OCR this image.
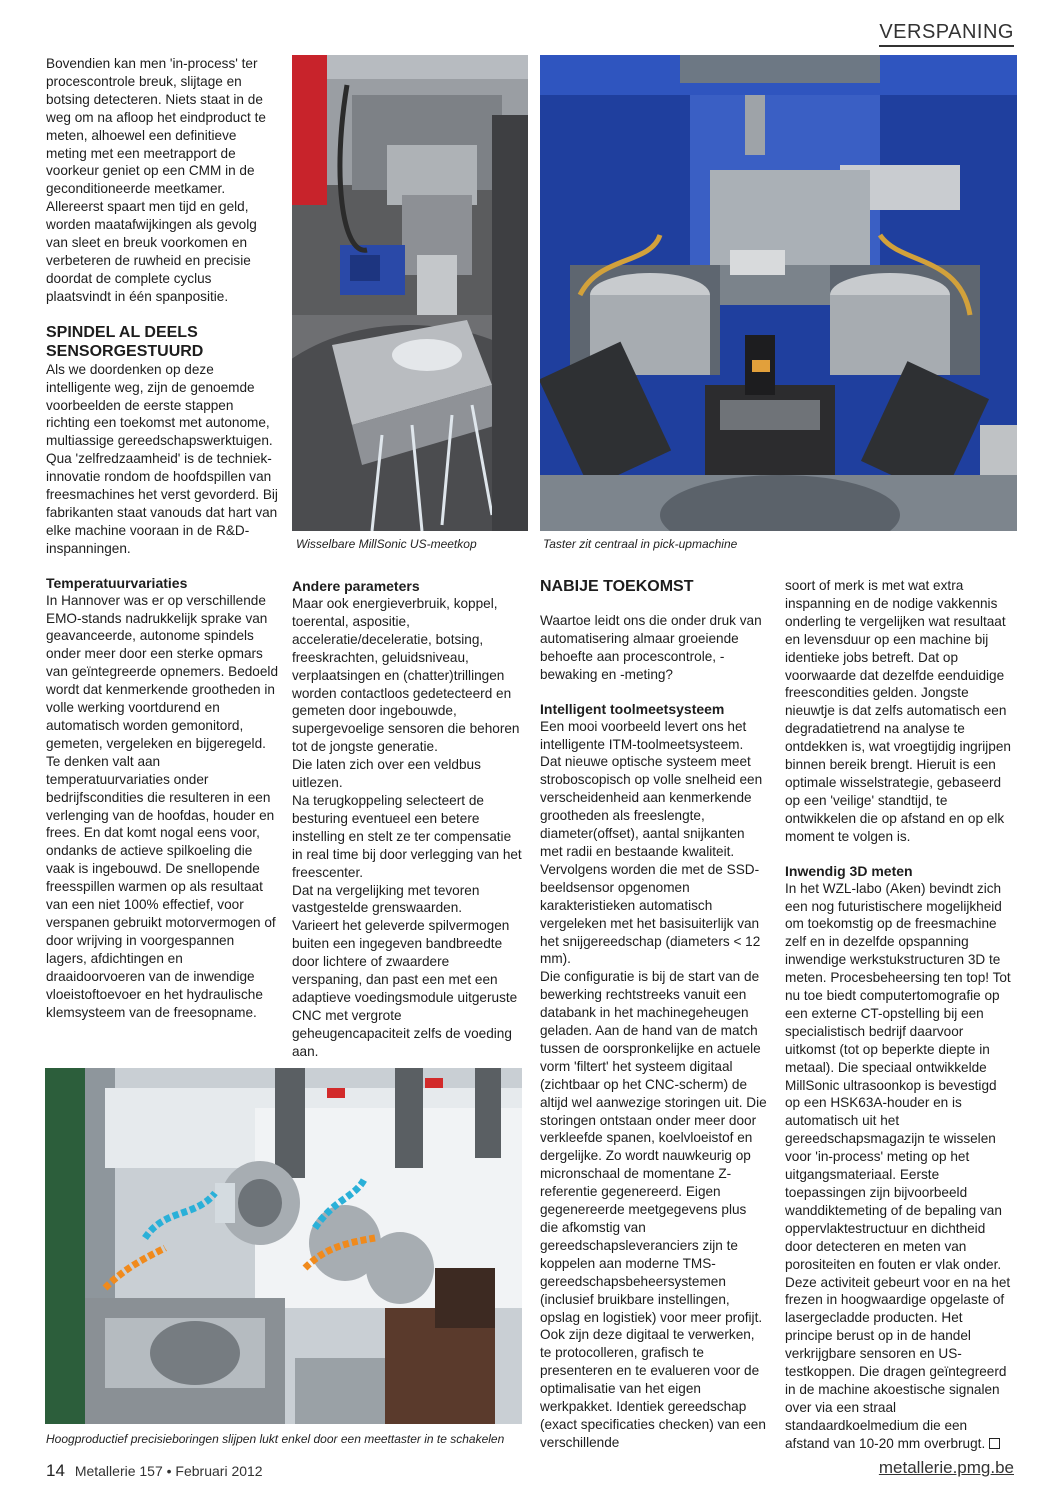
VERSPANING

Bovendien kan men 'in-process' ter procescontrole breuk, slijtage en botsing detecteren. Niets staat in de weg om na afloop het eindproduct te meten, alhoewel een definitieve meting met een meetrapport de voorkeur geniet op een CMM in de geconditioneerde meetkamer. Allereerst spaart men tijd en geld, worden maatafwijkingen als gevolg van sleet en breuk voorkomen en verbeteren de ruwheid en precisie doordat de complete cyclus plaatsvindt in één spanpositie.

SPINDEL AL DEELS SENSORGESTUURD

Als we doordenken op deze intelligente weg, zijn de genoemde voorbeelden de eerste stappen richting een toekomst met autonome, multiassige gereedschapswerktuigen. Qua 'zelfredzaamheid' is de techniek-innovatie rondom de hoofdspillen van freesmachines het verst gevorderd. Bij fabrikanten staat vanouds dat hart van elke machine vooraan in de R&D-inspanningen.

Temperatuurvariaties

In Hannover was er op verschillende EMO-stands nadrukkelijk sprake van geavanceerde, autonome spindels onder meer door een sterke opmars van geïntegreerde opnemers. Bedoeld wordt dat kenmerkende grootheden in volle werking voortdurend en automatisch worden gemonitord, gemeten, vergeleken en bijgeregeld.

Te denken valt aan temperatuurvariaties onder bedrijfscondities die resulteren in een verlenging van de hoofdas, houder en frees. En dat komt nogal eens voor, ondanks de actieve spilkoeling die vaak is ingebouwd. De snellopende freesspillen warmen op als resultaat van een niet 100% effectief, voor verspanen gebruikt motorvermogen of door wrijving in voorgespannen lagers, afdichtingen en draaidoorvoeren van de inwendige vloeistoftoevoer en het hydraulische klemsysteem van de freesopname.

Wisselbare MillSonic US-meetkop	Taster zit centraal in pick-upmachine

Andere parameters

Maar ook energieverbruik, koppel, toerental, aspositie, acceleratie/deceleratie, botsing, freeskrachten, geluidsniveau, verplaatsingen en (chatter)trillingen worden contactloos gedetecteerd en gemeten door ingebouwde, supergevoelige sensoren die behoren tot de jongste generatie.

Die laten zich over een veldbus uitlezen.

Na terugkoppeling selecteert de besturing eventueel een betere instelling en stelt ze ter compensatie in real time bij door verlegging van het freescenter.

Dat na vergelijking met tevoren vastgestelde grenswaarden.

Varieert het geleverde spilvermogen buiten een ingegeven bandbreedte door lichtere of zwaardere verspaning, dan past een met een adaptieve voedingsmodule uitgeruste CNC met vergrote geheugencapaciteit zelfs de voeding aan.

NABIJE TOEKOMST

Waartoe leidt ons die onder druk van automatisering almaar groeiende behoefte aan procescontrole, -bewaking en -meting?

Intelligent toolmeetsysteem

Een mooi voorbeeld levert ons het intelligente ITM-toolmeetsysteem. Dat nieuwe optische systeem meet stroboscopisch op volle snelheid een verscheidenheid aan kenmerkende grootheden als freeslengte, diameter(offset), aantal snijkanten met radii en bestaande kwaliteit. Vervolgens worden die met de SSD-beeldsensor opgenomen karakteristieken automatisch vergeleken met het basisuiterlijk van het snijgereedschap (diameters < 12 mm).

Die configuratie is bij de start van de bewerking rechtstreeks vanuit een databank in het machinegeheugen geladen. Aan de hand van de match tussen de oorspronkelijke en actuele vorm 'filtert' het systeem digitaal (zichtbaar op het CNC-scherm) de altijd wel aanwezige storingen uit. Die storingen ontstaan onder meer door verkleefde spanen, koelvloeistof en dergelijke. Zo wordt nauwkeurig op micronschaal de momentane Z-referentie gegenereerd. Eigen gegenereerde meetgegevens plus die afkomstig van gereedschapsleveranciers zijn te koppelen aan moderne TMS-gereedschapsbeheersystemen (inclusief bruikbare instellingen, opslag en logistiek) voor meer profijt. Ook zijn deze digitaal te verwerken, te protocolleren, grafisch te presenteren en te evalueren voor de optimalisatie van het eigen werkpakket. Identiek gereedschap (exact specificaties checken) van een verschillende

soort of merk is met wat extra inspanning en de nodige vakkennis onderling te vergelijken wat resultaat en levensduur op een machine bij identieke jobs betreft. Dat op voorwaarde dat dezelfde eenduidige freescondities gelden. Jongste nieuwtje is dat zelfs automatisch een degradatietrend na analyse te ontdekken is, wat vroegtijdig ingrijpen binnen bereik brengt. Hieruit is een optimale wisselstrategie, gebaseerd op een 'veilige' standtijd, te ontwikkelen die op afstand en op elk moment te volgen is.

Inwendig 3D meten

In het WZL-labo (Aken) bevindt zich een nog futuristischere mogelijkheid om toekomstig op de freesmachine zelf en in dezelfde opspanning inwendige werkstukstructuren 3D te meten. Procesbeheersing ten top! Tot nu toe biedt computertomografie op een externe CT-opstelling bij een specialistisch bedrijf daarvoor uitkomst (tot op beperkte diepte in metaal). Die speciaal ontwikkelde MillSonic ultrasoonkop is bevestigd op een HSK63A-houder en is automatisch uit het gereedschapsmagazijn te wisselen voor 'in-process' meting op het uitgangsmateriaal. Eerste toepassingen zijn bijvoorbeeld wanddiktemeting of de bepaling van oppervlaktestructuur en dichtheid door detecteren en meten van porositeiten en fouten er vlak onder. Deze activiteit gebeurt voor en na het frezen in hoogwaardige opgelaste of lasergecladde producten. Het principe berust op in de handel verkrijgbare sensoren en US-testkoppen. Die dragen geïntegreerd in de machine akoestische signalen over via een straal standaardkoelmedium die een afstand van 10-20 mm overbrugt.

Hoogproductief precisieboringen slijpen lukt enkel door een meettaster in te schakelen
14 Metallerie 157 • Februari 2012	metallerie.pmg.be
